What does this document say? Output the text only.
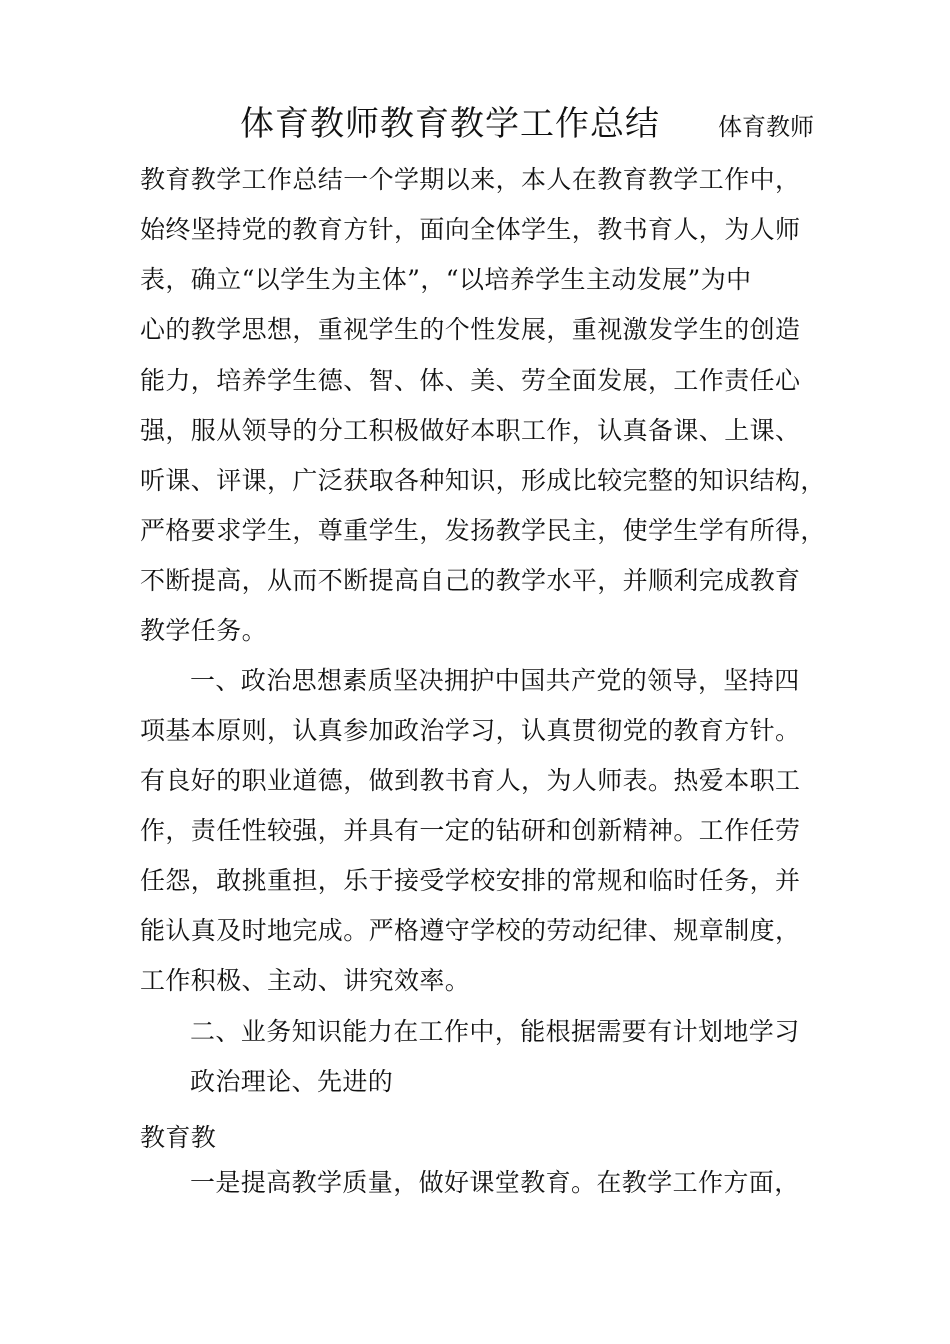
体育教师教育教学工作总结 体育教师
教育教学工作总结一个学期以来，本人在教育教学工作中，
始终坚持党的教育方针，面向全体学生，教书育人，为人师
表，确立“以学生为主体”，“以培养学生主动发展”为中
心的教学思想，重视学生的个性发展，重视激发学生的创造
能力，培养学生德、智、体、美、劳全面发展，工作责任心
强，服从领导的分工积极做好本职工作，认真备课、上课、
听课、评课，广泛获取各种知识，形成比较完整的知识结构，
严格要求学生，尊重学生，发扬教学民主，使学生学有所得，
不断提高，从而不断提高自己的教学水平，并顺利完成教育
教学任务。
一、政治思想素质坚决拥护中国共产党的领导，坚持四
项基本原则，认真参加政治学习，认真贯彻党的教育方针。
有良好的职业道德，做到教书育人，为人师表。热爱本职工
作，责任性较强，并具有一定的钻研和创新精神。工作任劳
任怨，敢挑重担，乐于接受学校安排的常规和临时任务，并
能认真及时地完成。严格遵守学校的劳动纪律、规章制度，
工作积极、主动、讲究效率。
二、业务知识能力在工作中，能根据需要有计划地学习
政治理论、先进的
教育教
一是提高教学质量，做好课堂教育。在教学工作方面，
